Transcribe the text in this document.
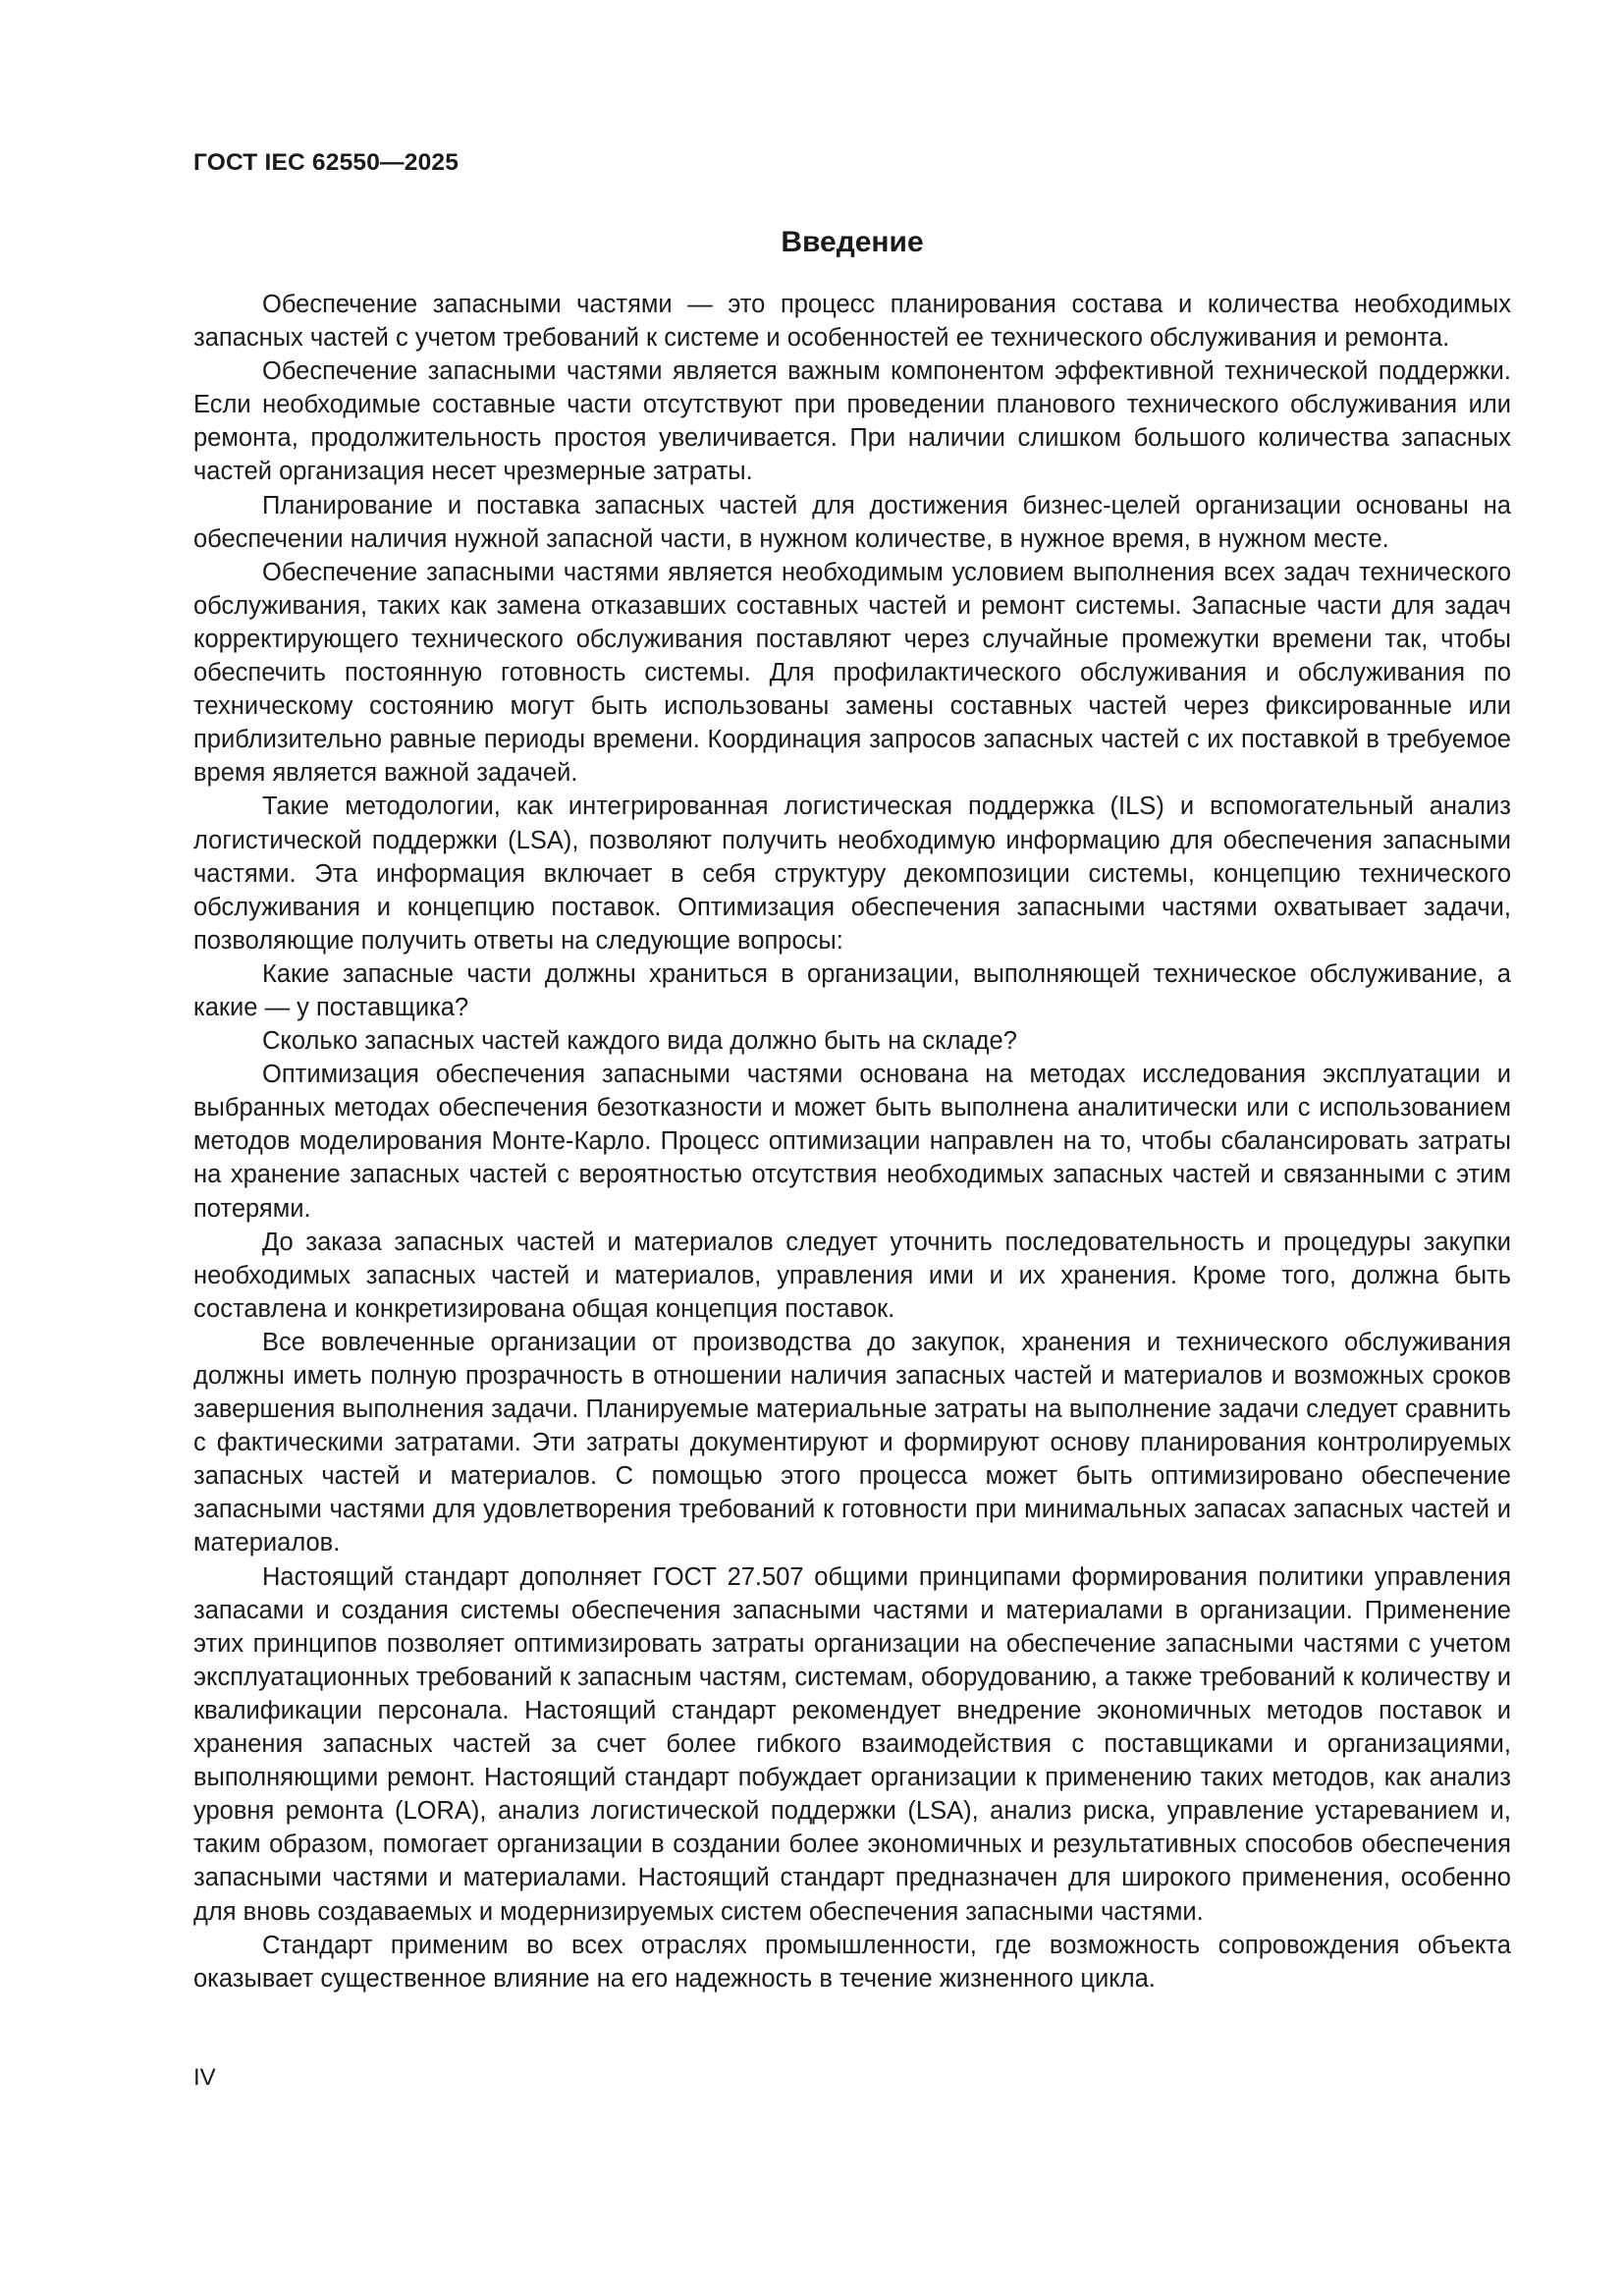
ГОСТ IEC 62550—2025
Введение

Обеспечение запасными частями — это процесс планирования состава и количества необходимых запасных частей с учетом требований к системе и особенностей ее технического обслуживания и ремонта.

Обеспечение запасными частями является важным компонентом эффективной технической поддержки. Если необходимые составные части отсутствуют при проведении планового технического обслуживания или ремонта, продолжительность простоя увеличивается. При наличии слишком большого количества запасных частей организация несет чрезмерные затраты.

Планирование и поставка запасных частей для достижения бизнес-целей организации основаны на обеспечении наличия нужной запасной части, в нужном количестве, в нужное время, в нужном месте.

Обеспечение запасными частями является необходимым условием выполнения всех задач технического обслуживания, таких как замена отказавших составных частей и ремонт системы. Запасные части для задач корректирующего технического обслуживания поставляют через случайные промежутки времени так, чтобы обеспечить постоянную готовность системы. Для профилактического обслуживания и обслуживания по техническому состоянию могут быть использованы замены составных частей через фиксированные или приблизительно равные периоды времени. Координация запросов запасных частей с их поставкой в требуемое время является важной задачей.

Такие методологии, как интегрированная логистическая поддержка (ILS) и вспомогательный анализ логистической поддержки (LSA), позволяют получить необходимую информацию для обеспечения запасными частями. Эта информация включает в себя структуру декомпозиции системы, концепцию технического обслуживания и концепцию поставок. Оптимизация обеспечения запасными частями охватывает задачи, позволяющие получить ответы на следующие вопросы:

Какие запасные части должны храниться в организации, выполняющей техническое обслуживание, а какие — у поставщика?

Сколько запасных частей каждого вида должно быть на складе?

Оптимизация обеспечения запасными частями основана на методах исследования эксплуатации и выбранных методах обеспечения безотказности и может быть выполнена аналитически или с использованием методов моделирования Монте-Карло. Процесс оптимизации направлен на то, чтобы сбалансировать затраты на хранение запасных частей с вероятностью отсутствия необходимых запасных частей и связанными с этим потерями.

До заказа запасных частей и материалов следует уточнить последовательность и процедуры закупки необходимых запасных частей и материалов, управления ими и их хранения. Кроме того, должна быть составлена и конкретизирована общая концепция поставок.

Все вовлеченные организации от производства до закупок, хранения и технического обслуживания должны иметь полную прозрачность в отношении наличия запасных частей и материалов и возможных сроков завершения выполнения задачи. Планируемые материальные затраты на выполнение задачи следует сравнить с фактическими затратами. Эти затраты документируют и формируют основу планирования контролируемых запасных частей и материалов. С помощью этого процесса может быть оптимизировано обеспечение запасными частями для удовлетворения требований к готовности при минимальных запасах запасных частей и материалов.

Настоящий стандарт дополняет ГОСТ 27.507 общими принципами формирования политики управления запасами и создания системы обеспечения запасными частями и материалами в организации. Применение этих принципов позволяет оптимизировать затраты организации на обеспечение запасными частями с учетом эксплуатационных требований к запасным частям, системам, оборудованию, а также требований к количеству и квалификации персонала. Настоящий стандарт рекомендует внедрение экономичных методов поставок и хранения запасных частей за счет более гибкого взаимодействия с поставщиками и организациями, выполняющими ремонт. Настоящий стандарт побуждает организации к применению таких методов, как анализ уровня ремонта (LORA), анализ логистической поддержки (LSA), анализ риска, управление устареванием и, таким образом, помогает организации в создании более экономичных и результативных способов обеспечения запасными частями и материалами. Настоящий стандарт предназначен для широкого применения, особенно для вновь создаваемых и модернизируемых систем обеспечения запасными частями.

Стандарт применим во всех отраслях промышленности, где возможность сопровождения объекта оказывает существенное влияние на его надежность в течение жизненного цикла.

IV
